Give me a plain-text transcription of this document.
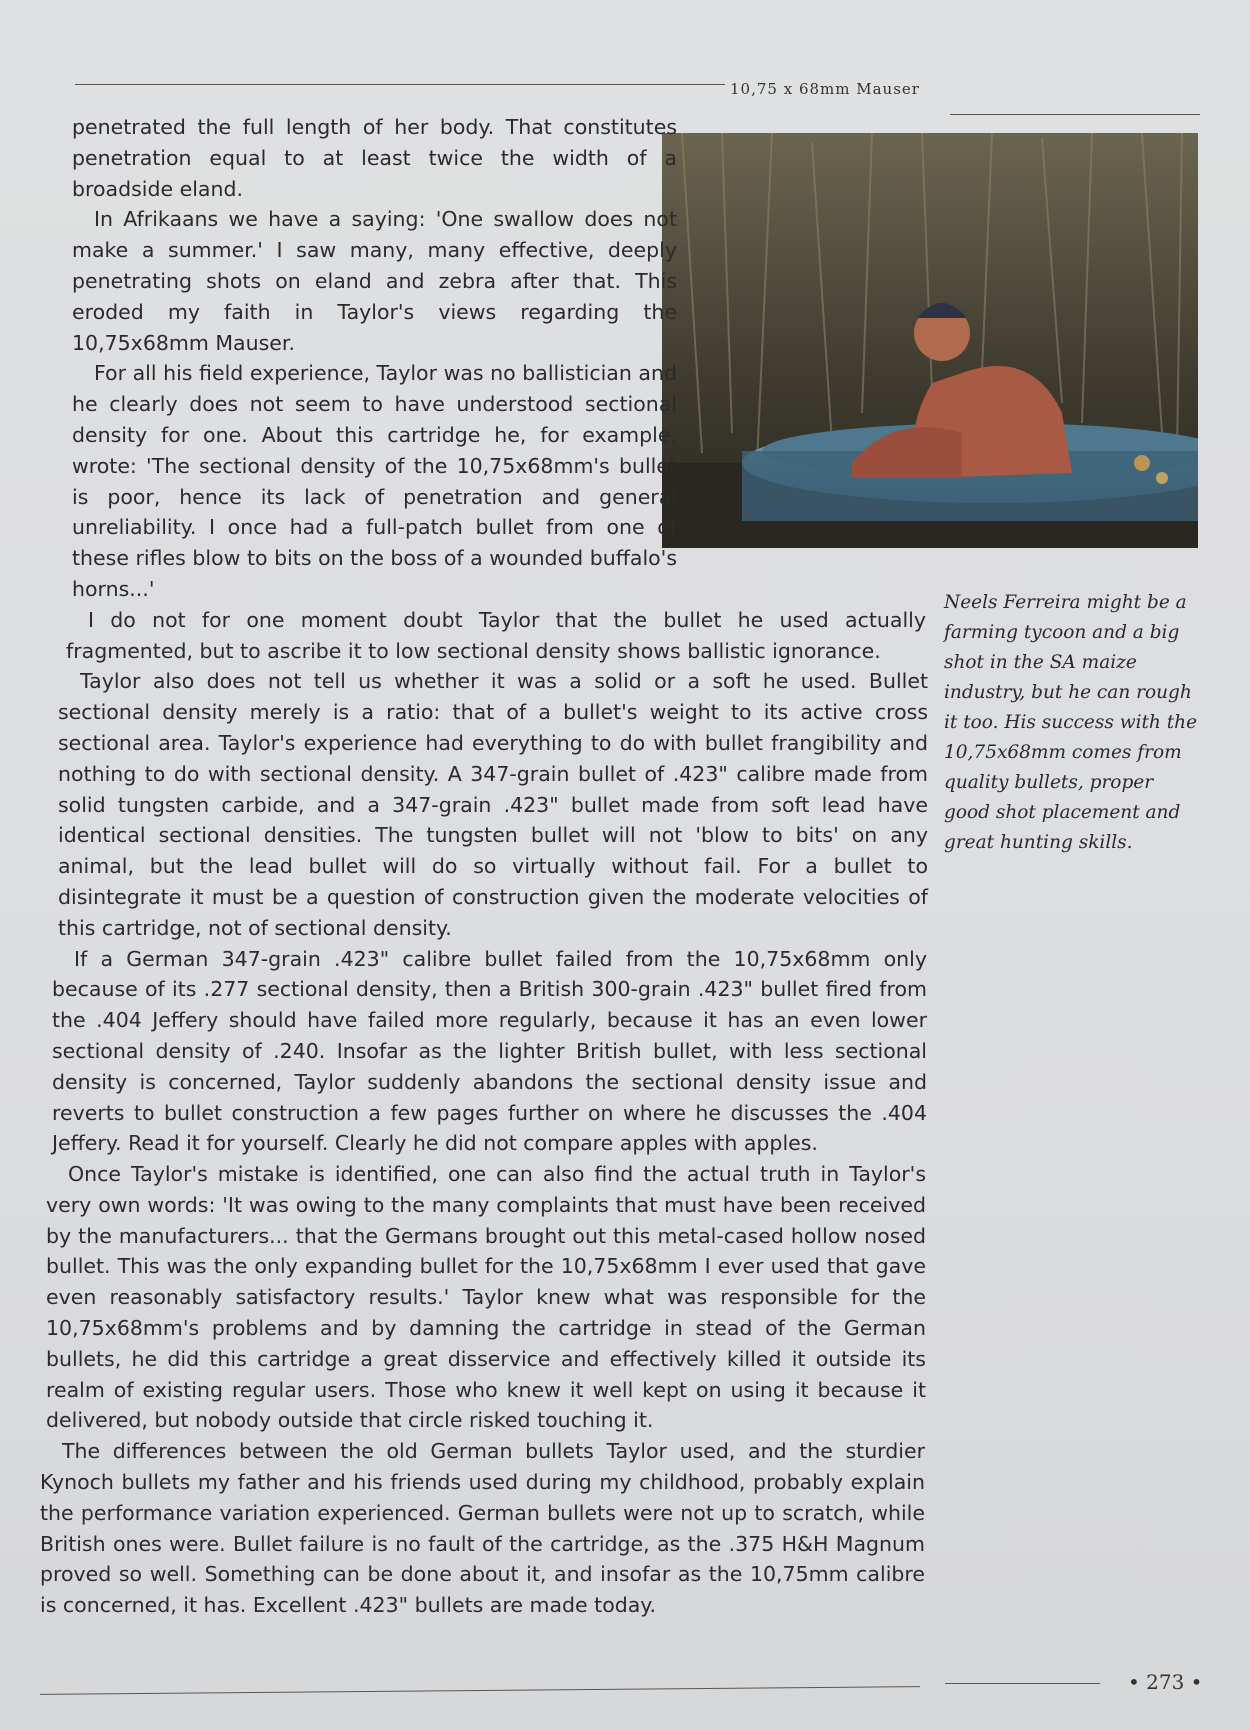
10,75 x 68mm Mauser
Neels Ferreira might be a farming tycoon and a big shot in the SA maize industry, but he can rough it too. His success with the 10,75x68mm comes from quality bullets, proper good shot placement and great hunting skills.

penetrated the full length of her body. That constitutes penetration equal to at least twice the width of a broadside eland.

In Afrikaans we have a saying: 'One swallow does not make a summer.' I saw many, many effective, deeply penetrating shots on eland and zebra after that. This eroded my faith in Taylor's views regarding the 10,75x68mm Mauser.

For all his field experience, Taylor was no ballistician and he clearly does not seem to have understood sectional density for one. About this cartridge he, for example, wrote: 'The sectional density of the 10,75x68mm's bullet is poor, hence its lack of penetration and general unreliability. I once had a full-patch bullet from one of these rifles blow to bits on the boss of a wounded buffalo's horns...'

I do not for one moment doubt Taylor that the bullet he used actually fragmented, but to ascribe it to low sectional density shows ballistic ignorance.

Taylor also does not tell us whether it was a solid or a soft he used. Bullet sectional density merely is a ratio: that of a bullet's weight to its active cross sectional area. Taylor's experience had everything to do with bullet frangibility and nothing to do with sectional density. A 347-grain bullet of .423" calibre made from solid tungsten carbide, and a 347-grain .423" bullet made from soft lead have identical sectional densities. The tungsten bullet will not 'blow to bits' on any animal, but the lead bullet will do so virtually without fail. For a bullet to disintegrate it must be a question of construction given the moderate velocities of this cartridge, not of sectional density.

If a German 347-grain .423" calibre bullet failed from the 10,75x68mm only because of its .277 sectional density, then a British 300-grain .423" bullet fired from the .404 Jeffery should have failed more regularly, because it has an even lower sectional density of .240. Insofar as the lighter British bullet, with less sectional density is concerned, Taylor suddenly abandons the sectional density issue and reverts to bullet construction a few pages further on where he discusses the .404 Jeffery. Read it for yourself. Clearly he did not compare apples with apples.

Once Taylor's mistake is identified, one can also find the actual truth in Taylor's very own words: 'It was owing to the many complaints that must have been received by the manufacturers... that the Germans brought out this metal-cased hollow nosed bullet. This was the only expanding bullet for the 10,75x68mm I ever used that gave even reasonably satisfactory results.' Taylor knew what was responsible for the 10,75x68mm's problems and by damning the cartridge in stead of the German bullets, he did this cartridge a great disservice and effectively killed it outside its realm of existing regular users. Those who knew it well kept on using it because it delivered, but nobody outside that circle risked touching it.

The differences between the old German bullets Taylor used, and the sturdier Kynoch bullets my father and his friends used during my childhood, probably explain the performance variation experienced. German bullets were not up to scratch, while British ones were. Bullet failure is no fault of the cartridge, as the .375 H&H Magnum proved so well. Something can be done about it, and insofar as the 10,75mm calibre is concerned, it has. Excellent .423" bullets are made today.

• 273 •
